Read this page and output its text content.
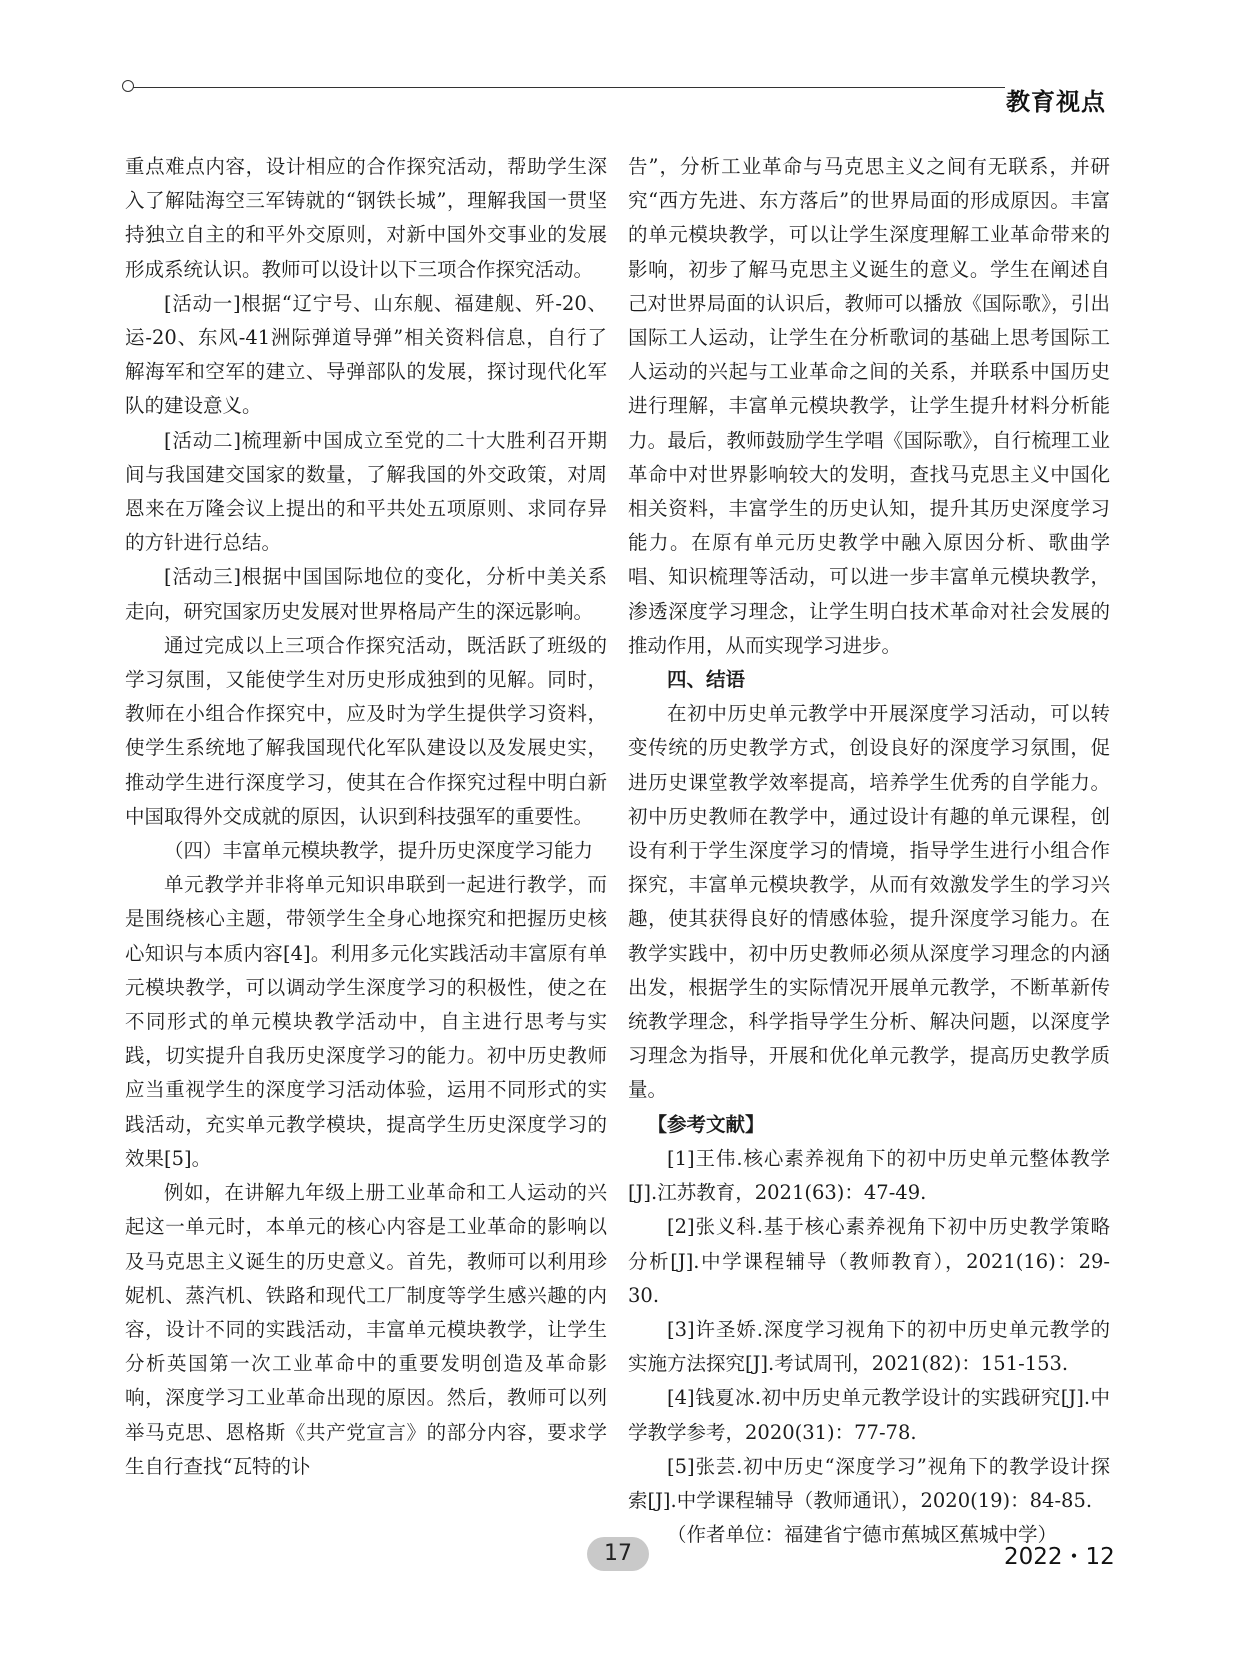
教育视点

重点难点内容，设计相应的合作探究活动，帮助学生深入了解陆海空三军铸就的“钢铁长城”，理解我国一贯坚持独立自主的和平外交原则，对新中国外交事业的发展形成系统认识。教师可以设计以下三项合作探究活动。

[活动一]根据“辽宁号、山东舰、福建舰、歼-20、运-20、东风-41洲际弹道导弹”相关资料信息，自行了解海军和空军的建立、导弹部队的发展，探讨现代化军队的建设意义。

[活动二]梳理新中国成立至党的二十大胜利召开期间与我国建交国家的数量，了解我国的外交政策，对周恩来在万隆会议上提出的和平共处五项原则、求同存异的方针进行总结。

[活动三]根据中国国际地位的变化，分析中美关系走向，研究国家历史发展对世界格局产生的深远影响。

通过完成以上三项合作探究活动，既活跃了班级的学习氛围，又能使学生对历史形成独到的见解。同时，教师在小组合作探究中，应及时为学生提供学习资料，使学生系统地了解我国现代化军队建设以及发展史实，推动学生进行深度学习，使其在合作探究过程中明白新中国取得外交成就的原因，认识到科技强军的重要性。

（四）丰富单元模块教学，提升历史深度学习能力

单元教学并非将单元知识串联到一起进行教学，而是围绕核心主题，带领学生全身心地探究和把握历史核心知识与本质内容[4]。利用多元化实践活动丰富原有单元模块教学，可以调动学生深度学习的积极性，使之在不同形式的单元模块教学活动中，自主进行思考与实践，切实提升自我历史深度学习的能力。初中历史教师应当重视学生的深度学习活动体验，运用不同形式的实践活动，充实单元教学模块，提高学生历史深度学习的效果[5]。

例如，在讲解九年级上册工业革命和工人运动的兴起这一单元时，本单元的核心内容是工业革命的影响以及马克思主义诞生的历史意义。首先，教师可以利用珍妮机、蒸汽机、铁路和现代工厂制度等学生感兴趣的内容，设计不同的实践活动，丰富单元模块教学，让学生分析英国第一次工业革命中的重要发明创造及革命影响，深度学习工业革命出现的原因。然后，教师可以列举马克思、恩格斯《共产党宣言》的部分内容，要求学生自行查找“瓦特的讣

告”，分析工业革命与马克思主义之间有无联系，并研究“西方先进、东方落后”的世界局面的形成原因。丰富的单元模块教学，可以让学生深度理解工业革命带来的影响，初步了解马克思主义诞生的意义。学生在阐述自己对世界局面的认识后，教师可以播放《国际歌》，引出国际工人运动，让学生在分析歌词的基础上思考国际工人运动的兴起与工业革命之间的关系，并联系中国历史进行理解，丰富单元模块教学，让学生提升材料分析能力。最后，教师鼓励学生学唱《国际歌》，自行梳理工业革命中对世界影响较大的发明，查找马克思主义中国化相关资料，丰富学生的历史认知，提升其历史深度学习能力。在原有单元历史教学中融入原因分析、歌曲学唱、知识梳理等活动，可以进一步丰富单元模块教学，渗透深度学习理念，让学生明白技术革命对社会发展的推动作用，从而实现学习进步。

四、结语

在初中历史单元教学中开展深度学习活动，可以转变传统的历史教学方式，创设良好的深度学习氛围，促进历史课堂教学效率提高，培养学生优秀的自学能力。初中历史教师在教学中，通过设计有趣的单元课程，创设有利于学生深度学习的情境，指导学生进行小组合作探究，丰富单元模块教学，从而有效激发学生的学习兴趣，使其获得良好的情感体验，提升深度学习能力。在教学实践中，初中历史教师必须从深度学习理念的内涵出发，根据学生的实际情况开展单元教学，不断革新传统教学理念，科学指导学生分析、解决问题，以深度学习理念为指导，开展和优化单元教学，提高历史教学质量。

【参考文献】

[1]王伟.核心素养视角下的初中历史单元整体教学[J].江苏教育，2021(63)：47-49.

[2]张义科.基于核心素养视角下初中历史教学策略分析[J].中学课程辅导（教师教育），2021(16)：29-30.

[3]许圣娇.深度学习视角下的初中历史单元教学的实施方法探究[J].考试周刊，2021(82)：151-153.

[4]钱夏冰.初中历史单元教学设计的实践研究[J].中学教学参考，2020(31)：77-78.

[5]张芸.初中历史“深度学习”视角下的教学设计探索[J].中学课程辅导（教师通讯），2020(19)：84-85.

（作者单位：福建省宁德市蕉城区蕉城中学）

17	2022・12
